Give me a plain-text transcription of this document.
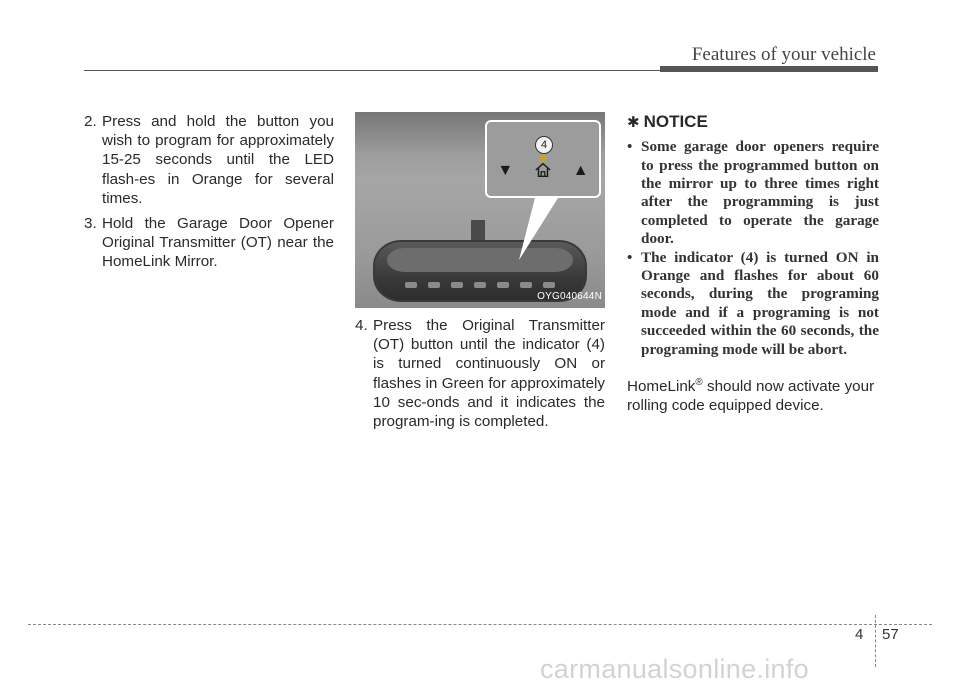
Features of your vehicle

2. Press and hold the button you wish to program for approximately 15-25 seconds until the LED flash-es in Orange for several times.

3. Hold the Garage Door Opener Original Transmitter (OT) near the HomeLink Mirror.

4
▼	▲
OYG040644N

4. Press the Original Transmitter (OT) button until the indicator (4) is turned continuously ON or flashes in Green for approximately 10 sec-onds and it indicates the program-ing is completed.

✱ NOTICE

• Some garage door openers require to press the programmed button on the mirror up to three times right after the programming is just completed to operate the garage door.

• The indicator (4) is turned ON in Orange and flashes for about 60 seconds, during the programing mode and if a programing is not succeeded within the 60 seconds, the programing mode will be abort.

HomeLink® should now activate your rolling code equipped device.

4 57
carmanualsonline.info
